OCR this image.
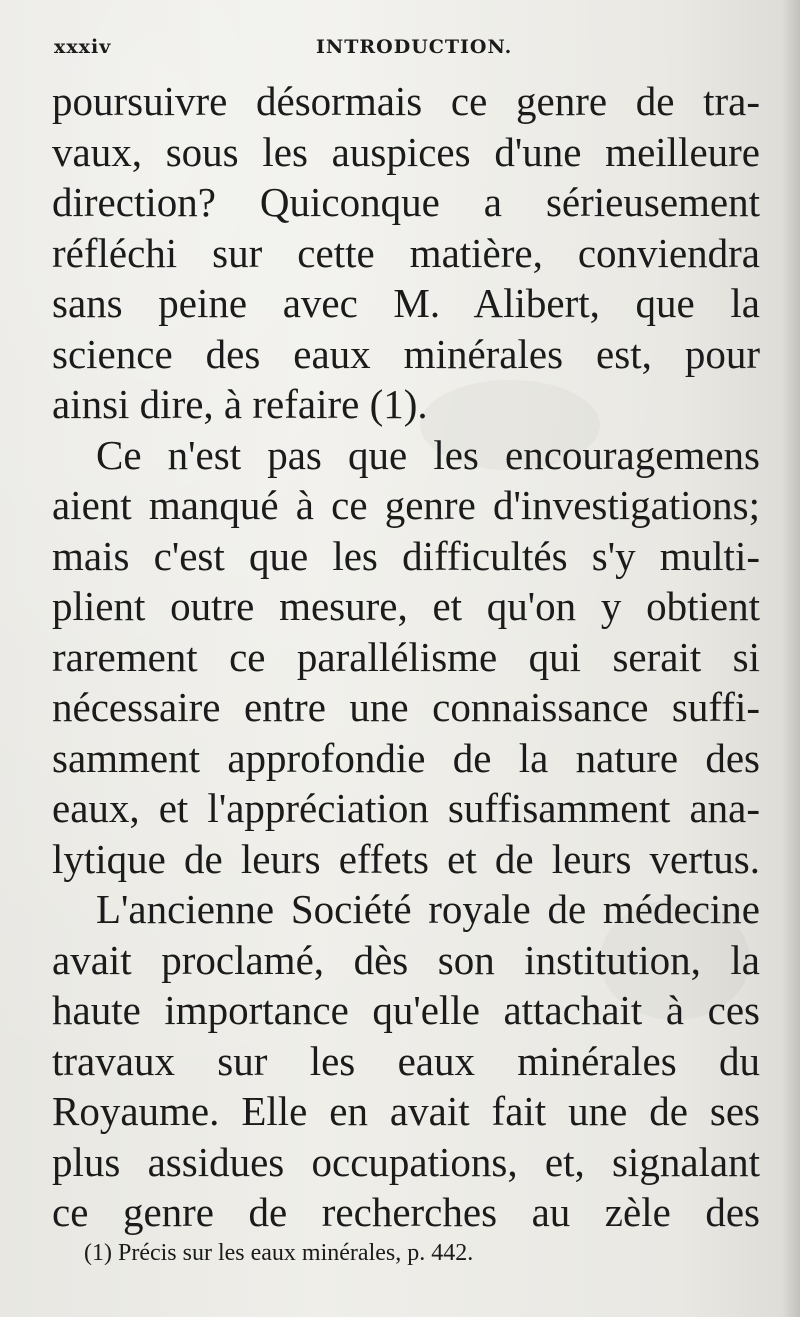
xxxiv	INTRODUCTION.
poursuivre désormais ce genre de tra-
vaux, sous les auspices d'une meilleure
direction? Quiconque a sérieusement
réfléchi sur cette matière, conviendra
sans peine avec M. Alibert, que la
science des eaux minérales est, pour
ainsi dire, à refaire (1).
Ce n'est pas que les encouragemens
aient manqué à ce genre d'investigations;
mais c'est que les difficultés s'y multi-
plient outre mesure, et qu'on y obtient
rarement ce parallélisme qui serait si
nécessaire entre une connaissance suffi-
samment approfondie de la nature des
eaux, et l'appréciation suffisamment ana-
lytique de leurs effets et de leurs vertus.
L'ancienne Société royale de médecine
avait proclamé, dès son institution, la
haute importance qu'elle attachait à ces
travaux sur les eaux minérales du
Royaume. Elle en avait fait une de ses
plus assidues occupations, et, signalant
ce genre de recherches au zèle des
(1) Précis sur les eaux minérales, p. 442.
